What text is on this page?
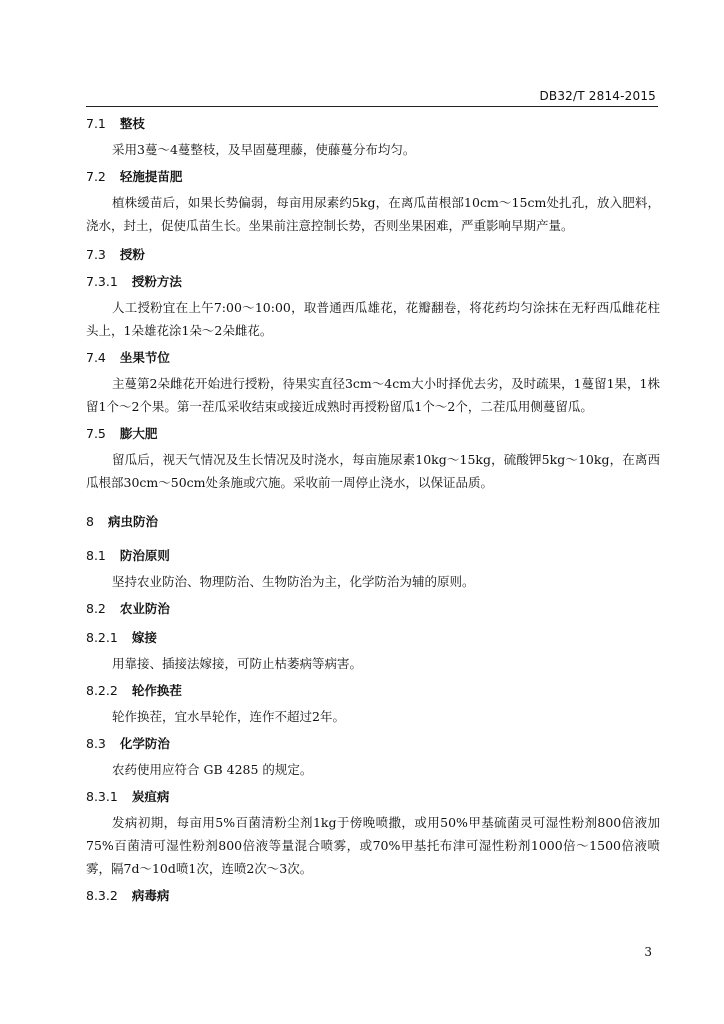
DB32/T 2814-2015
7.1 整枝

采用3蔓～4蔓整枝，及早固蔓理藤，使藤蔓分布均匀。

7.2 轻施提苗肥

植株缓苗后，如果长势偏弱，每亩用尿素约5kg，在离瓜苗根部10cm～15cm处扎孔，放入肥料，浇水，封土，促使瓜苗生长。坐果前注意控制长势，否则坐果困难，严重影响早期产量。

7.3 授粉
7.3.1 授粉方法

人工授粉宜在上午7:00～10:00，取普通西瓜雄花，花瓣翻卷，将花药均匀涂抹在无籽西瓜雌花柱头上，1朵雄花涂1朵～2朵雌花。

7.4 坐果节位

主蔓第2朵雌花开始进行授粉，待果实直径3cm～4cm大小时择优去劣，及时疏果，1蔓留1果，1株留1个～2个果。第一茬瓜采收结束或接近成熟时再授粉留瓜1个～2个，二茬瓜用侧蔓留瓜。

7.5 膨大肥

留瓜后，视天气情况及生长情况及时浇水，每亩施尿素10kg～15kg，硫酸钾5kg～10kg，在离西瓜根部30cm～50cm处条施或穴施。采收前一周停止浇水，以保证品质。

8 病虫防治
8.1 防治原则

坚持农业防治、物理防治、生物防治为主，化学防治为辅的原则。

8.2 农业防治
8.2.1 嫁接

用靠接、插接法嫁接，可防止枯萎病等病害。

8.2.2 轮作换茬

轮作换茬，宜水旱轮作，连作不超过2年。

8.3 化学防治

农药使用应符合 GB 4285 的规定。

8.3.1 炭疽病

发病初期，每亩用5%百菌清粉尘剂1kg于傍晚喷撒，或用50%甲基硫菌灵可湿性粉剂800倍液加75%百菌清可湿性粉剂800倍液等量混合喷雾，或70%甲基托布津可湿性粉剂1000倍～1500倍液喷雾，隔7d～10d喷1次，连喷2次～3次。

8.3.2 病毒病
3
